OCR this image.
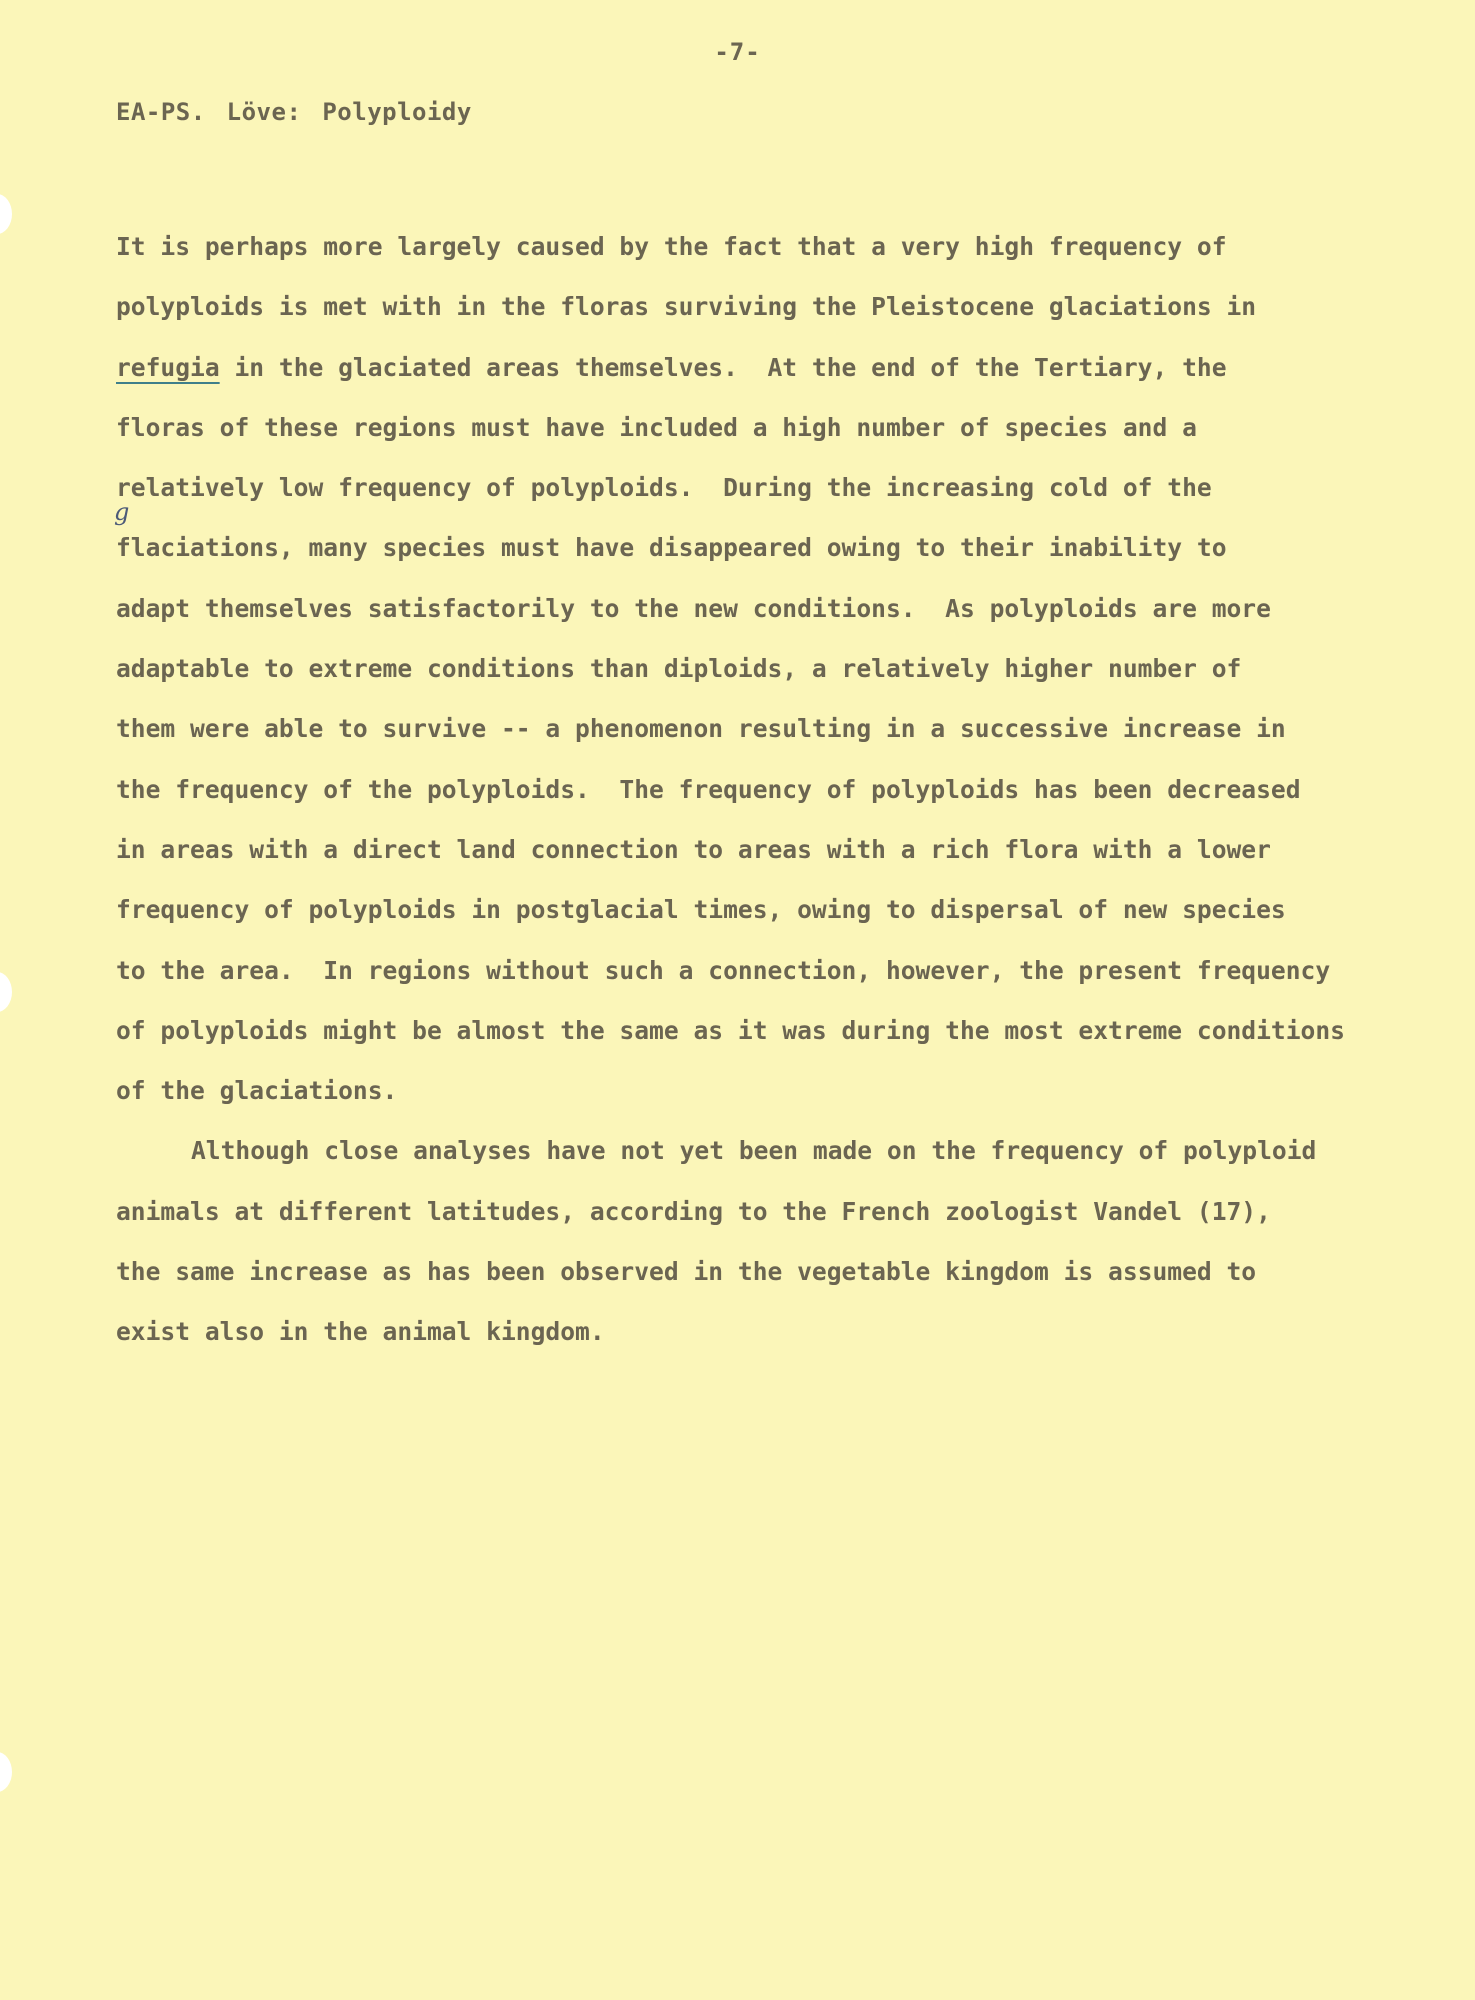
-7-
EA-PS. Löve: Polyploidy
g
It is perhaps more largely caused by the fact that a very high frequency of
polyploids is met with in the floras surviving the Pleistocene glaciations in
refugia in the glaciated areas themselves.  At the end of the Tertiary, the
floras of these regions must have included a high number of species and a
relatively low frequency of polyploids.  During the increasing cold of the
flaciations, many species must have disappeared owing to their inability to
adapt themselves satisfactorily to the new conditions.  As polyploids are more
adaptable to extreme conditions than diploids, a relatively higher number of
them were able to survive -- a phenomenon resulting in a successive increase in
the frequency of the polyploids.  The frequency of polyploids has been decreased
in areas with a direct land connection to areas with a rich flora with a lower
frequency of polyploids in postglacial times, owing to dispersal of new species
to the area.  In regions without such a connection, however, the present frequency
of polyploids might be almost the same as it was during the most extreme conditions
of the glaciations.
Although close analyses have not yet been made on the frequency of polyploid
animals at different latitudes, according to the French zoologist Vandel (17),
the same increase as has been observed in the vegetable kingdom is assumed to
exist also in the animal kingdom.
